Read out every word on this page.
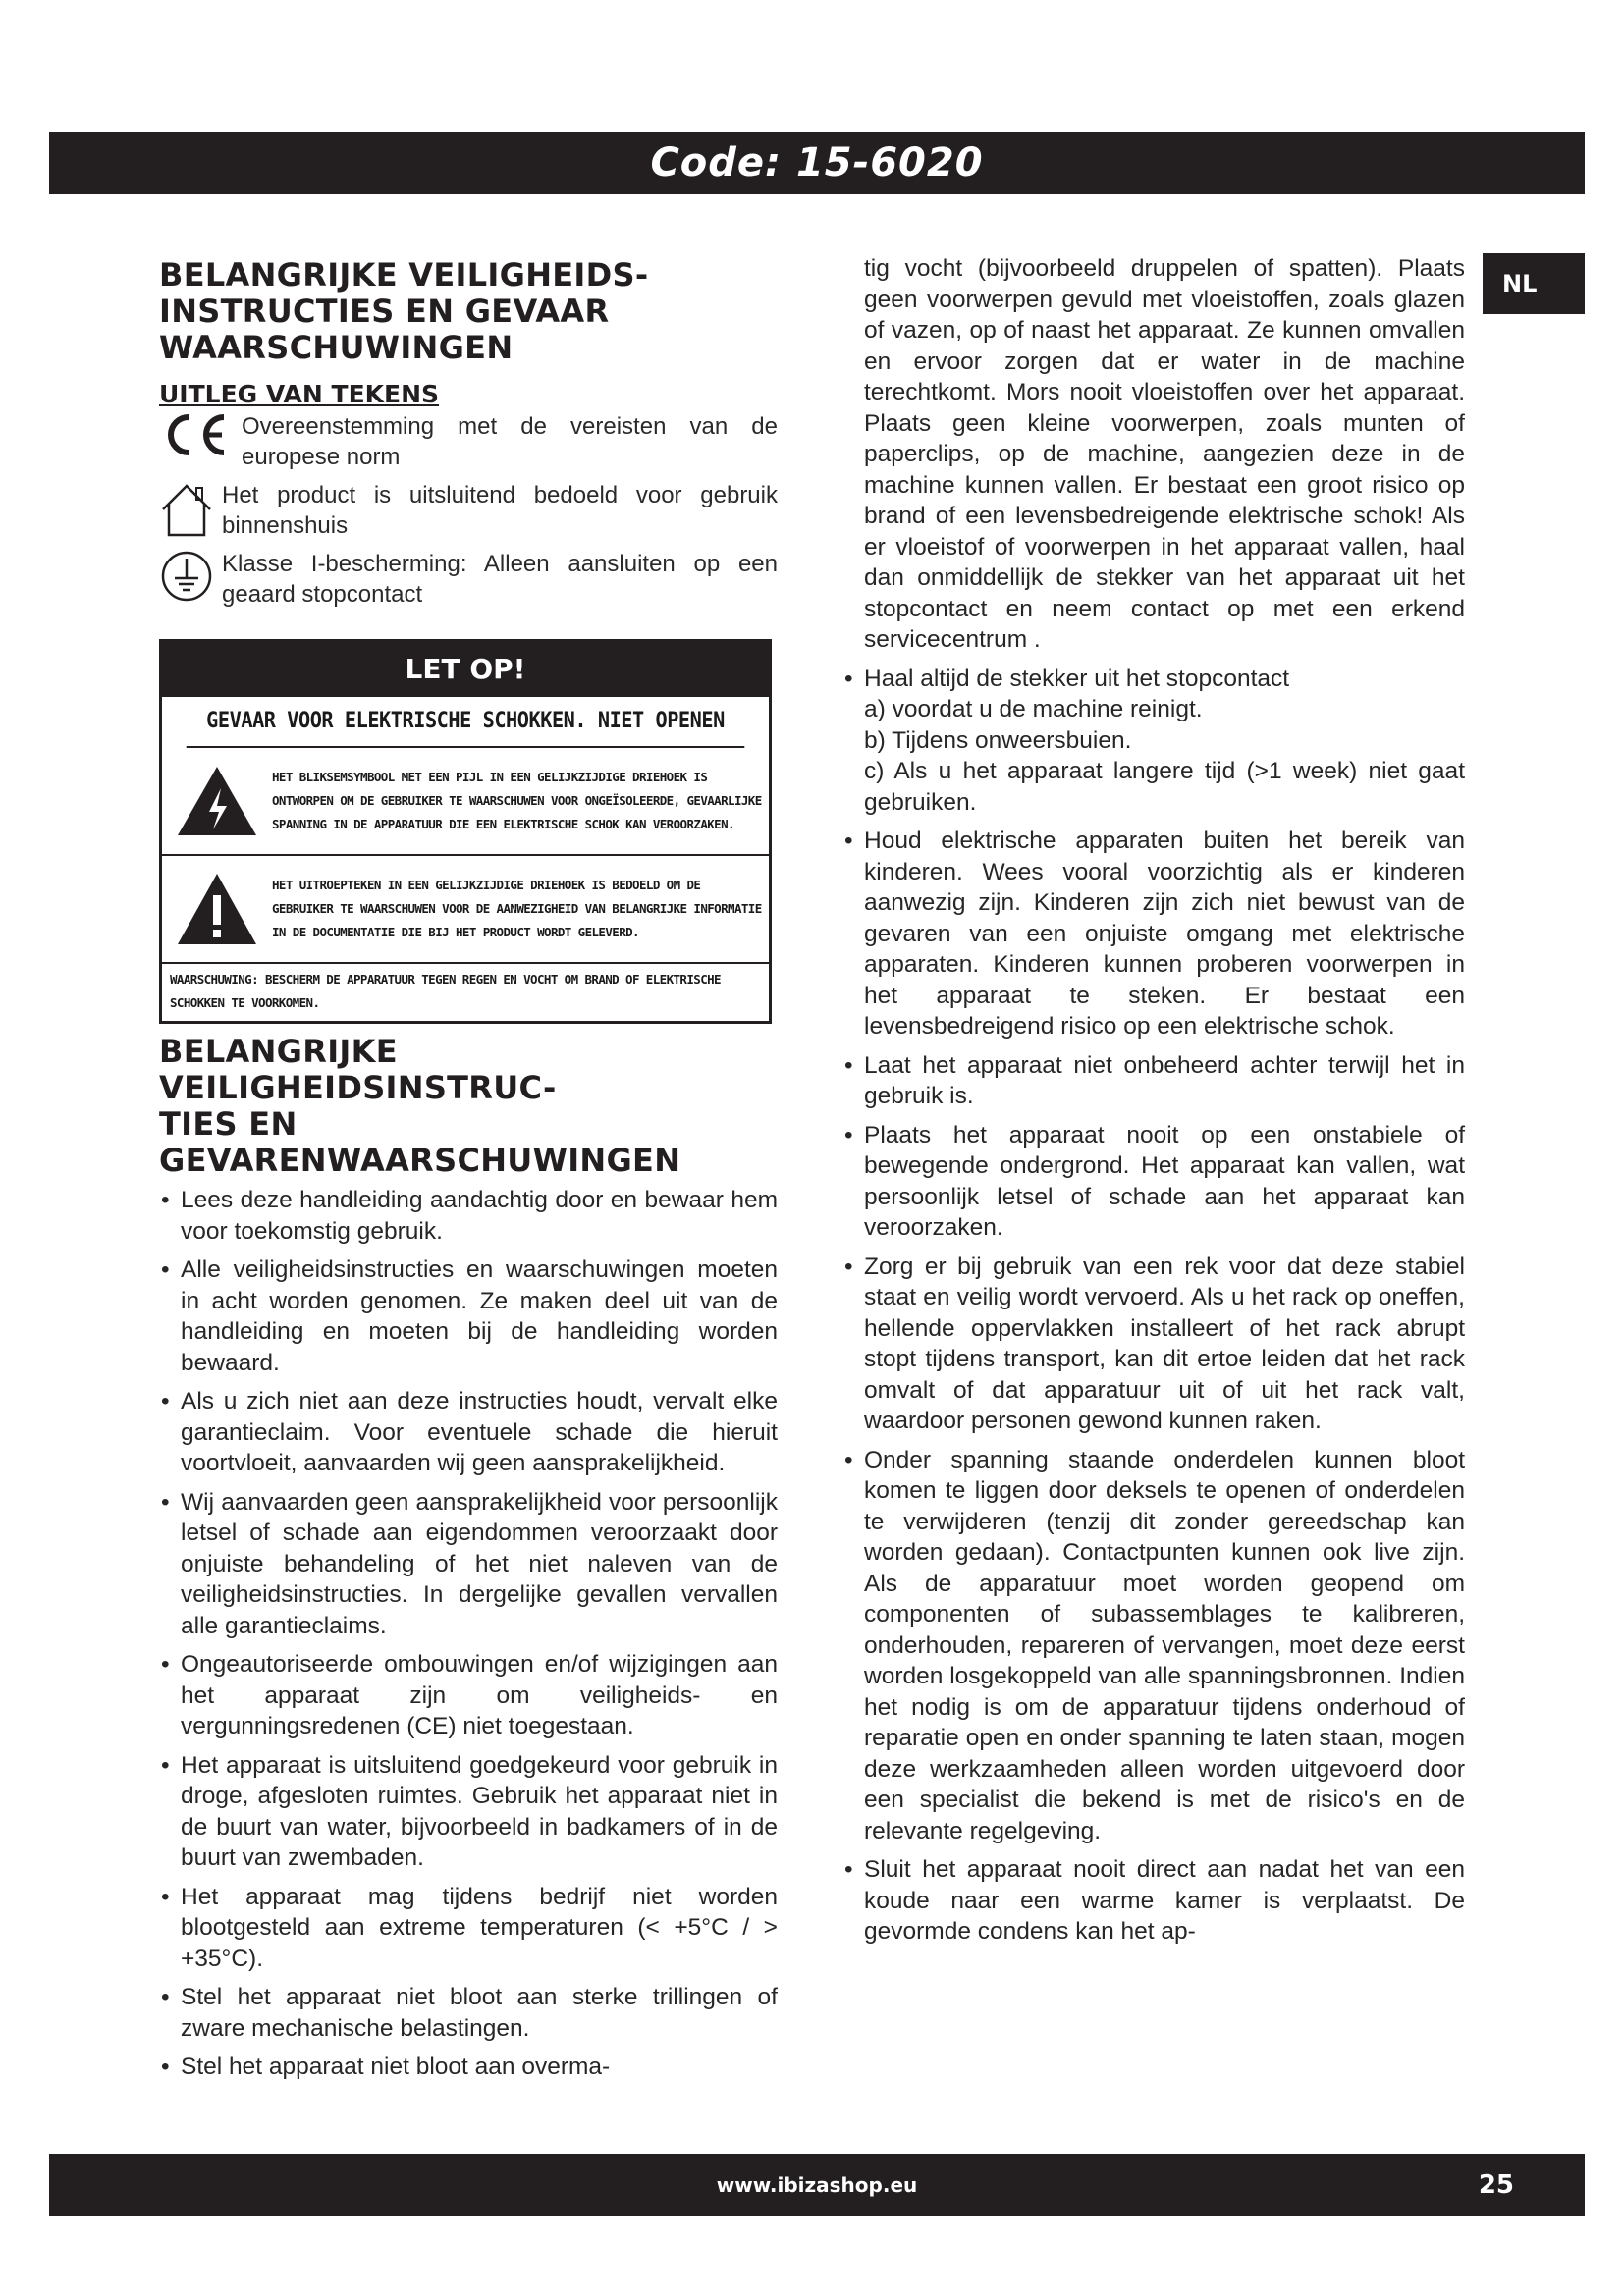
Code: 15-6020
NL
BELANGRIJKE VEILIGHEIDS-
INSTRUCTIES EN GEVAAR
WAARSCHUWINGEN
UITLEG VAN TEKENS
Overeenstemming met de vereisten van de europese norm
Het product is uitsluitend bedoeld voor gebruik binnenshuis
Klasse I-bescherming: Alleen aansluiten op een geaard stopcontact
LET OP!
GEVAAR VOOR ELEKTRISCHE SCHOKKEN. NIET OPENEN
HET BLIKSEMSYMBOOL MET EEN PIJL IN EEN GELIJKZIJDIGE DRIEHOEK IS ONTWORPEN OM DE GEBRUIKER TE WAARSCHUWEN VOOR ONGEÏSOLEERDE, GEVAARLIJKE SPANNING IN DE APPARATUUR DIE EEN ELEKTRISCHE SCHOK KAN VEROORZAKEN.
HET UITROEPTEKEN IN EEN GELIJKZIJDIGE DRIEHOEK IS BEDOELD OM DE GEBRUIKER TE WAARSCHUWEN VOOR DE AANWEZIGHEID VAN BELANGRIJKE INFORMATIE IN DE DOCUMENTATIE DIE BIJ HET PRODUCT WORDT GELEVERD.
WAARSCHUWING: BESCHERM DE APPARATUUR TEGEN REGEN EN VOCHT OM BRAND OF ELEKTRISCHE SCHOKKEN TE VOORKOMEN.
BELANGRIJKE VEILIGHEIDSINSTRUC-
TIES EN GEVARENWAARSCHUWINGEN
• Lees deze handleiding aandachtig door en bewaar hem voor toekomstig gebruik.
• Alle veiligheidsinstructies en waarschuwingen moeten in acht worden genomen. Ze maken deel uit van de handleiding en moeten bij de handleiding worden bewaard.
• Als u zich niet aan deze instructies houdt, vervalt elke garantieclaim. Voor eventuele schade die hieruit voortvloeit, aanvaarden wij geen aansprakelijkheid.
• Wij aanvaarden geen aansprakelijkheid voor persoonlijk letsel of schade aan eigendommen veroorzaakt door onjuiste behandeling of het niet naleven van de veiligheidsinstructies. In dergelijke gevallen vervallen alle garantieclaims.
• Ongeautoriseerde ombouwingen en/of wijzigingen aan het apparaat zijn om veiligheids- en vergunningsredenen (CE) niet toegestaan.
• Het apparaat is uitsluitend goedgekeurd voor gebruik in droge, afgesloten ruimtes. Gebruik het apparaat niet in de buurt van water, bijvoorbeeld in badkamers of in de buurt van zwembaden.
• Het apparaat mag tijdens bedrijf niet worden blootgesteld aan extreme temperaturen (< +5°C / > +35°C).
• Stel het apparaat niet bloot aan sterke trillingen of zware mechanische belastingen.
• Stel het apparaat niet bloot aan overma-
tig vocht (bijvoorbeeld druppelen of spatten). Plaats geen voorwerpen gevuld met vloeistoffen, zoals glazen of vazen, op of naast het apparaat. Ze kunnen omvallen en ervoor zorgen dat er water in de machine terechtkomt. Mors nooit vloeistoffen over het apparaat. Plaats geen kleine voorwerpen, zoals munten of paperclips, op de machine, aangezien deze in de machine kunnen vallen. Er bestaat een groot risico op brand of een levensbedreigende elektrische schok! Als er vloeistof of voorwerpen in het apparaat vallen, haal dan onmiddellijk de stekker van het apparaat uit het stopcontact en neem contact op met een erkend servicecentrum .
• Haal altijd de stekker uit het stopcontact
a) voordat u de machine reinigt.
b) Tijdens onweersbuien.
c) Als u het apparaat langere tijd (>1 week) niet gaat gebruiken.
• Houd elektrische apparaten buiten het bereik van kinderen. Wees vooral voorzichtig als er kinderen aanwezig zijn. Kinderen zijn zich niet bewust van de gevaren van een onjuiste omgang met elektrische apparaten. Kinderen kunnen proberen voorwerpen in het apparaat te steken. Er bestaat een levensbedreigend risico op een elektrische schok.
• Laat het apparaat niet onbeheerd achter terwijl het in gebruik is.
• Plaats het apparaat nooit op een onstabiele of bewegende ondergrond. Het apparaat kan vallen, wat persoonlijk letsel of schade aan het apparaat kan veroorzaken.
• Zorg er bij gebruik van een rek voor dat deze stabiel staat en veilig wordt vervoerd. Als u het rack op oneffen, hellende oppervlakken installeert of het rack abrupt stopt tijdens transport, kan dit ertoe leiden dat het rack omvalt of dat apparatuur uit of uit het rack valt, waardoor personen gewond kunnen raken.
• Onder spanning staande onderdelen kunnen bloot komen te liggen door deksels te openen of onderdelen te verwijderen (tenzij dit zonder gereedschap kan worden gedaan). Contactpunten kunnen ook live zijn. Als de apparatuur moet worden geopend om componenten of subassemblages te kalibreren, onderhouden, repareren of vervangen, moet deze eerst worden losgekoppeld van alle spanningsbronnen. Indien het nodig is om de apparatuur tijdens onderhoud of reparatie open en onder spanning te laten staan, mogen deze werkzaamheden alleen worden uitgevoerd door een specialist die bekend is met de risico's en de relevante regelgeving.
• Sluit het apparaat nooit direct aan nadat het van een koude naar een warme kamer is verplaatst. De gevormde condens kan het ap-
www.ibizashop.eu	25
